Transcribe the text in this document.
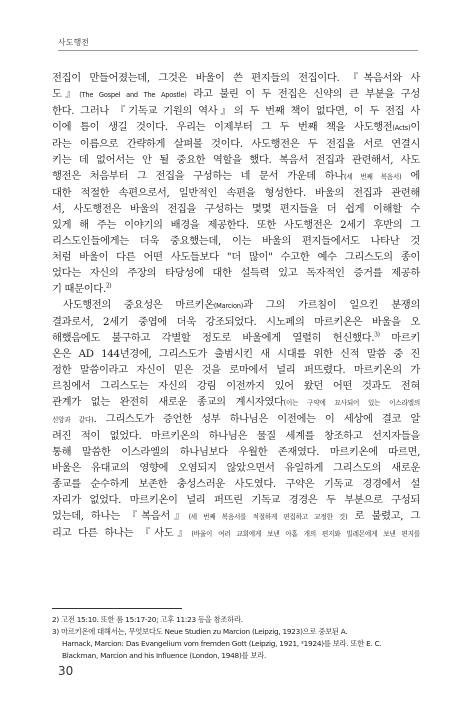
사도행전

전집이 만들어졌는데, 그것은 바울이 쓴 편지들의 전집이다. 『복음서와 사

도』(The Gospel and The Apostle) 라고 불린 이 두 전집은 신약의 큰 부분을 구성

한다. 그러나 『기독교 기원의 역사』의 두 번째 책이 없다면, 이 두 전집 사

이에 틈이 생길 것이다. 우리는 이제부터 그 두 번째 책을 사도행전(Acts)이

라는 이름으로 간략하게 살펴볼 것이다. 사도행전은 두 전집을 서로 연결시

키는 데 없어서는 안 될 중요한 역할을 했다. 복음서 전집과 관련해서, 사도

행전은 처음부터 그 전집을 구성하는 네 문서 가운데 하나(세 번째 복음서) 에

대한 적절한 속편으로서, 일반적인 속편을 형성한다. 바울의 전집과 관련해

서, 사도행전은 바울의 전집을 구성하는 몇몇 편지들을 더 쉽게 이해할 수

있게 해 주는 이야기의 배경을 제공한다. 또한 사도행전은 2세기 후반의 그

리스도인들에게는 더욱 중요했는데, 이는 바울의 편지들에서도 나타난 것

처럼 바울이 다른 어떤 사도들보다 "더 많이" 수고한 예수 그리스도의 종이

었다는 자신의 주장의 타당성에 대한 설득력 있고 독자적인 증거를 제공하

기 때문이다.$^{2)}$

사도행전의 중요성은 마르키온(Marcion)과 그의 가르침이 일으킨 분쟁의

결과로서, 2세기 중엽에 더욱 강조되었다. 시노페의 마르키온은 바울을 오

해했음에도 불구하고 각별할 정도로 바울에게 열렬히 헌신했다.$^{3)}$ 마르키

온은 AD 144년경에, 그리스도가 출범시킨 새 시대를 위한 신적 말씀 중 진

정한 말씀이라고 자신이 믿은 것을 로마에서 널리 퍼뜨렸다. 마르키온의 가

르침에서 그리스도는 자신의 강림 이전까지 있어 왔던 어떤 것과도 전혀

관계가 없는 완전히 새로운 종교의 계시자였다(이는 구약에 묘사되어 있는 이스라엘의

신앙과 같다). 그리스도가 증언한 성부 하나님은 이전에는 이 세상에 결코 알

려진 적이 없었다. 마르키온의 하나님은 물질 세계를 창조하고 선지자들을

통해 말씀한 이스라엘의 하나님보다 우월한 존재였다. 마르키온에 따르면,

바울은 유대교의 영향에 오염되지 않았으면서 유일하게 그리스도의 새로운

종교를 순수하게 보존한 충성스러운 사도였다. 구약은 기독교 경경에서 설

자리가 없었다. 마르키온이 널리 퍼뜨린 기독교 경경은 두 부분으로 구성되

었는데, 하나는 『복음서』(세 번째 복음서를 적절하게 편집하고 교정한 것) 로 불렸고, 그

리고 다른 하나는 『사도』(바울이 여러 교회에게 보낸 아홉 개의 편지와 빌레몬에게 보낸 편지를

2) 고전 15:10. 또한 롬 15:17-20; 고후 11:23 등을 참조하라.
3) 마르키온에 대해서는, 무엇보다도 Neue Studien zu Marcion (Leipzig, 1923)으로 중보된 A.
Harnack, Marcion: Das Evangelium vom fremden Gott (Leipzig, 1921, ²1924)를 보라. 또한 E. C.
Blackman, Marcion and his Influence (London, 1948)를 보라.
30
